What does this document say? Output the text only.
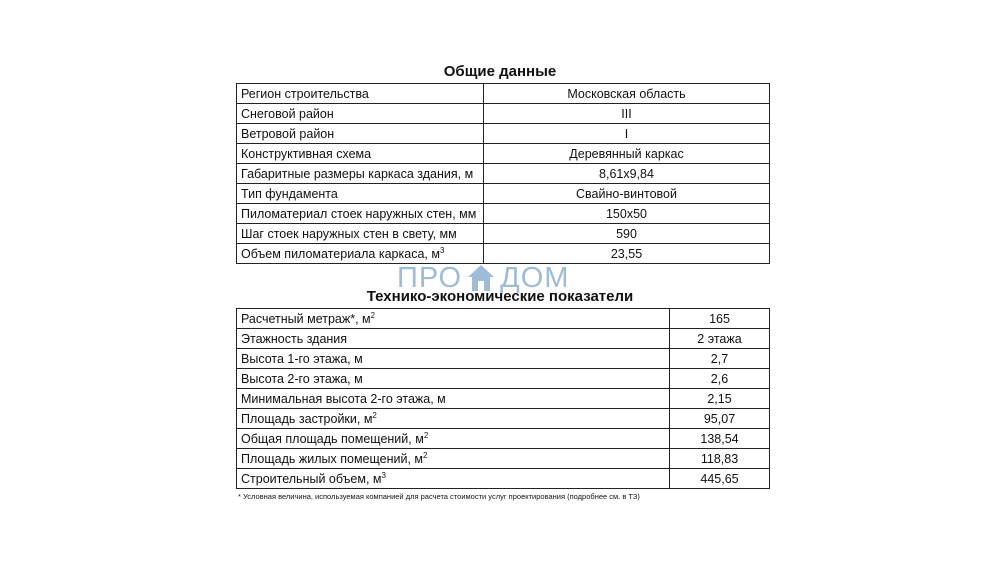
Общие данные
Регион строительства	Московская область
Снеговой район	III
Ветровой район	I
Конструктивная схема	Деревянный каркас
Габаритные размеры каркаса здания, м	8,61х9,84
Тип фундамента	Свайно-винтовой
Пиломатериал стоек наружных стен, мм	150х50
Шаг стоек наружных стен в свету, мм	590
Объем пиломатериала каркаса, $м^3$	23,55
ПРО ДОМ
Технико-экономические показатели
Расчетный метраж*, $м^2$	165
Этажность здания	2 этажа
Высота 1-го этажа, м	2,7
Высота 2-го этажа, м	2,6
Минимальная высота 2-го этажа, м	2,15
Площадь застройки, $м^2$	95,07
Общая площадь помещений, $м^2$	138,54
Площадь жилых помещений, $м^2$	118,83
Строительный объем, $м^3$	445,65
* Условная величина, используемая компанией для расчета стоимости услуг проектирования (подробнее см. в ТЗ)
